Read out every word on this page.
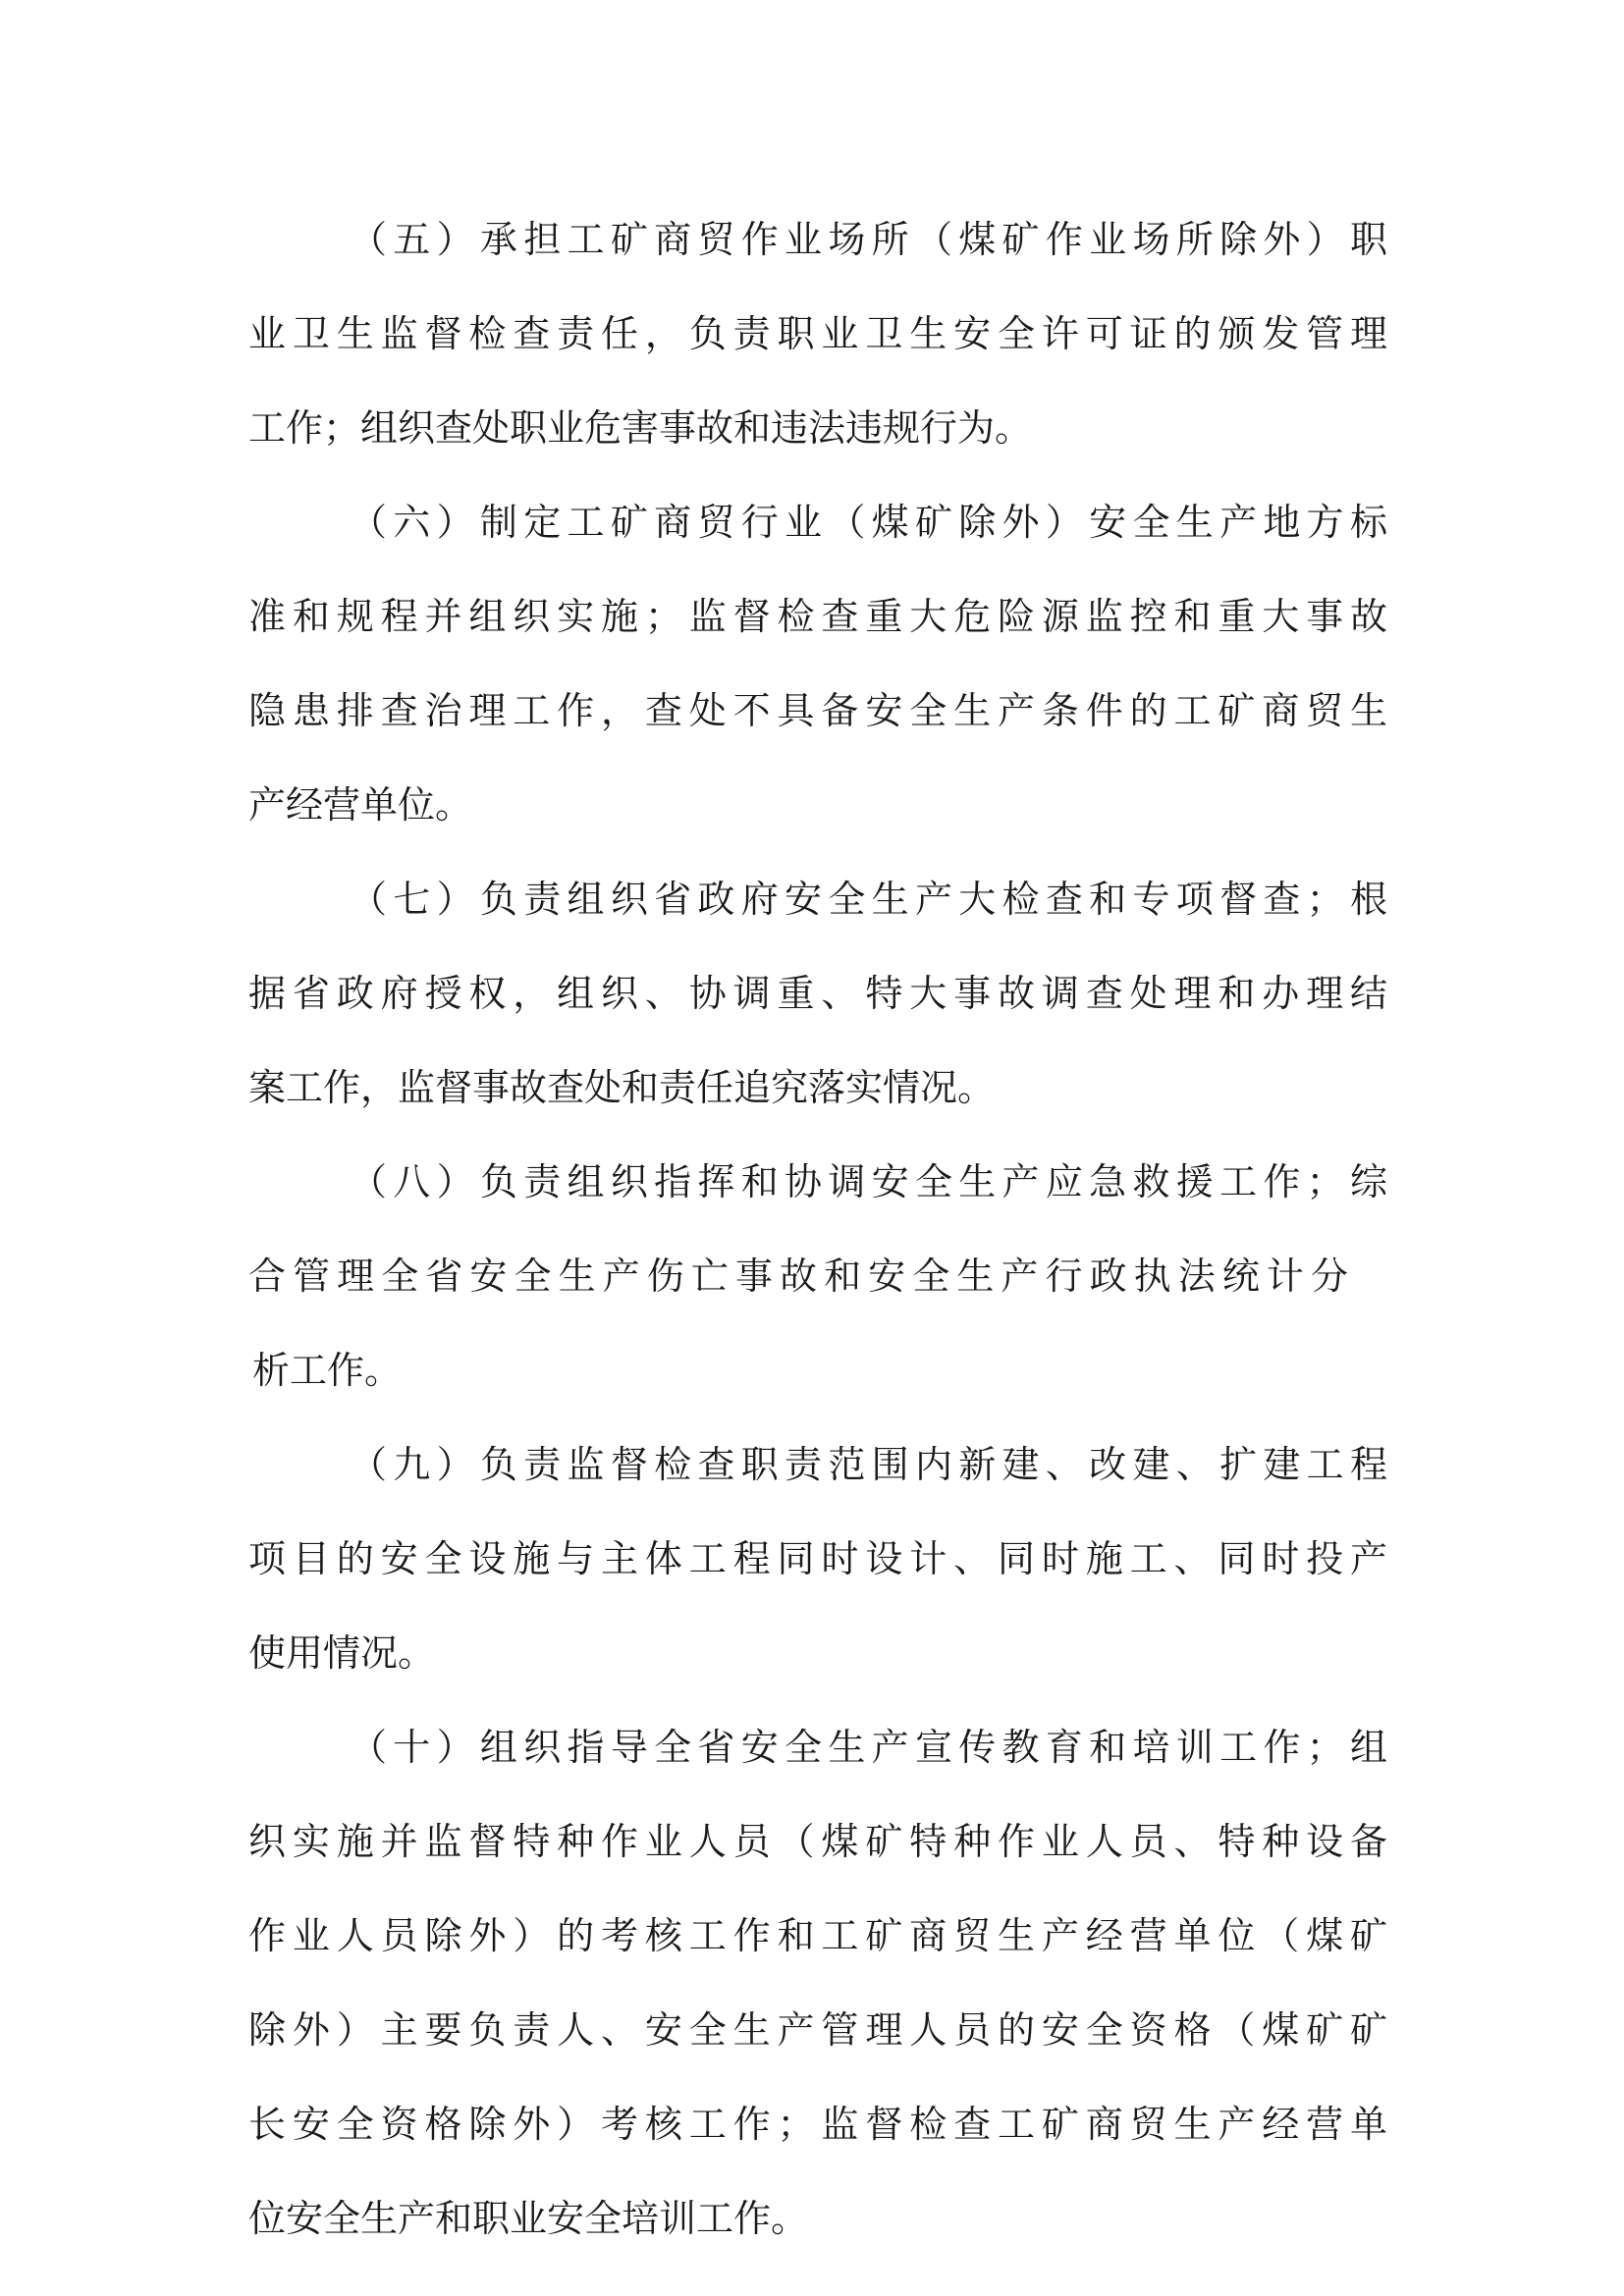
（五）承担工矿商贸作业场所（煤矿作业场所除外）职
业卫生监督检查责任，负责职业卫生安全许可证的颁发管理
工作；组织查处职业危害事故和违法违规行为。
（六）制定工矿商贸行业（煤矿除外）安全生产地方标
准和规程并组织实施；监督检查重大危险源监控和重大事故
隐患排查治理工作，查处不具备安全生产条件的工矿商贸生
产经营单位。
（七）负责组织省政府安全生产大检查和专项督查；根
据省政府授权，组织、协调重、特大事故调查处理和办理结
案工作，监督事故查处和责任追究落实情况。
（八）负责组织指挥和协调安全生产应急救援工作；综
合管理全省安全生产伤亡事故和安全生产行政执法统计分
析工作。
（九）负责监督检查职责范围内新建、改建、扩建工程
项目的安全设施与主体工程同时设计、同时施工、同时投产
使用情况。
（十）组织指导全省安全生产宣传教育和培训工作；组
织实施并监督特种作业人员（煤矿特种作业人员、特种设备
作业人员除外）的考核工作和工矿商贸生产经营单位（煤矿
除外）主要负责人、安全生产管理人员的安全资格（煤矿矿
长安全资格除外）考核工作；监督检查工矿商贸生产经营单
位安全生产和职业安全培训工作。
